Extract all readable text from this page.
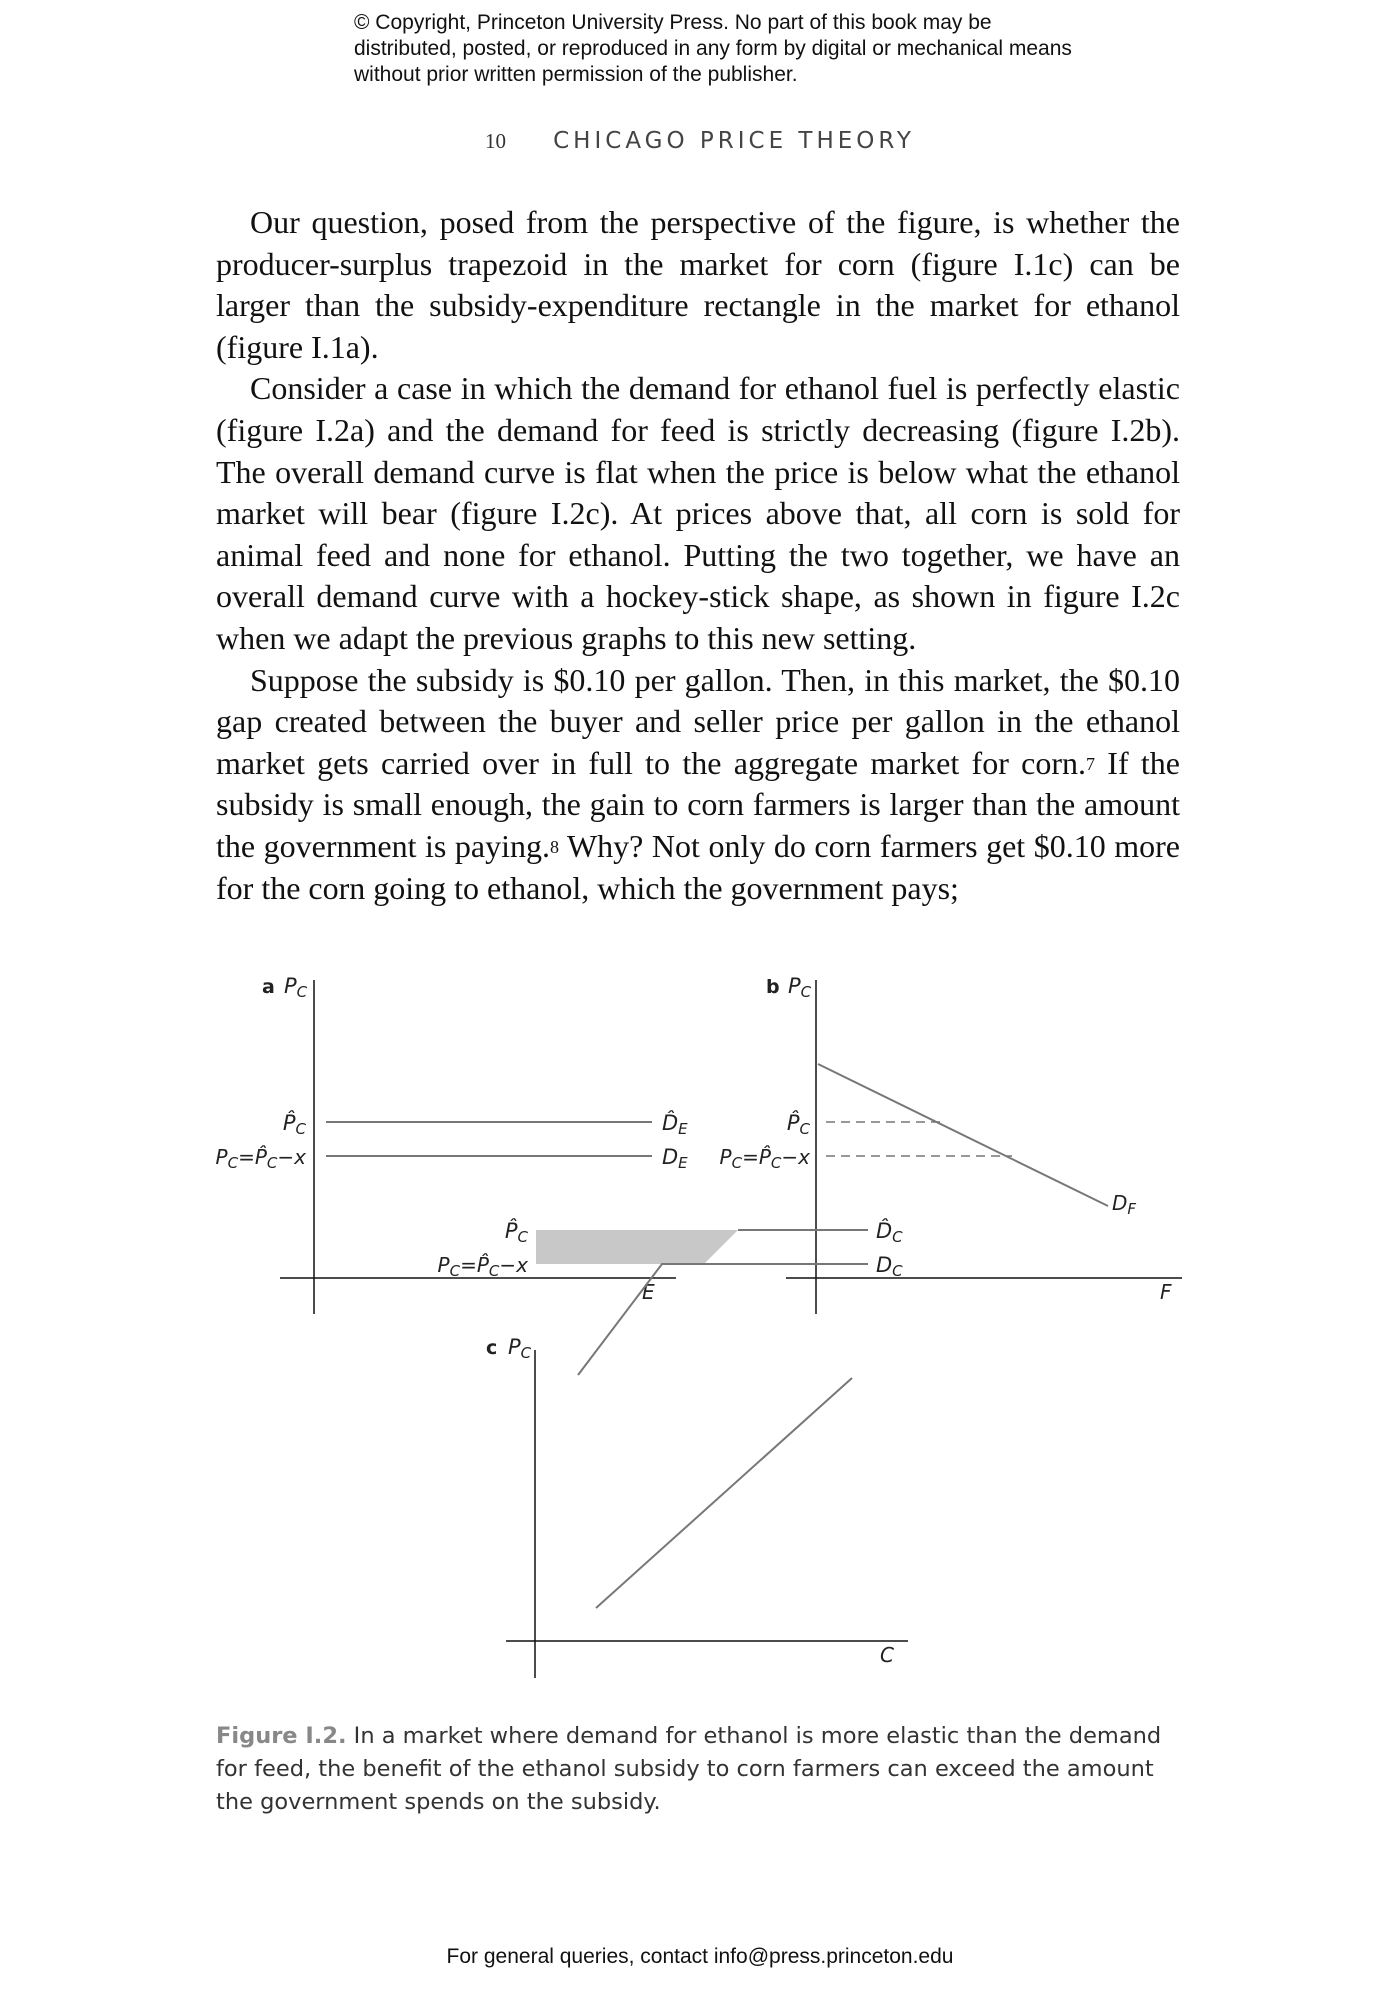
© Copyright, Princeton University Press. No part of this book may be distributed, posted, or reproduced in any form by digital or mechanical means without prior written permission of the publisher.
10 CHICAGO PRICE THEORY

Our question, posed from the perspective of the figure, is whether the producer-surplus trapezoid in the market for corn (figure I.1c) can be larger than the subsidy-expenditure rectangle in the market for ethanol (figure I.1a).

Consider a case in which the demand for ethanol fuel is perfectly elastic (figure I.2a) and the demand for feed is strictly decreasing (figure I.2b). The overall demand curve is flat when the price is below what the ethanol market will bear (figure I.2c). At prices above that, all corn is sold for animal feed and none for ethanol. Putting the two together, we have an overall demand curve with a hockey-stick shape, as shown in figure I.2c when we adapt the previous graphs to this new setting.

Suppose the subsidy is $0.10 per gallon. Then, in this market, the $0.10 gap created between the buyer and seller price per gallon in the ethanol market gets carried over in full to the aggregate market for corn.$^7$ If the subsidy is small enough, the gain to corn farmers is larger than the amount the government is paying.$^8$ Why? Not only do corn farmers get $0.10 more for the corn going to ethanol, which the government pays;

a PC
P̂C
$P_C=P̂_C-x$
D̂E
DE
E
b PC
P̂C
$P_C=P̂_C-x$
$D_F$
F
c PC
P̂C
$P_C=P̂_C-x$
D̂C
DC
C
Figure I.2. In a market where demand for ethanol is more elastic than the demand for feed, the benefit of the ethanol subsidy to corn farmers can exceed the amount the government spends on the subsidy.
For general queries, contact info@press.princeton.edu
